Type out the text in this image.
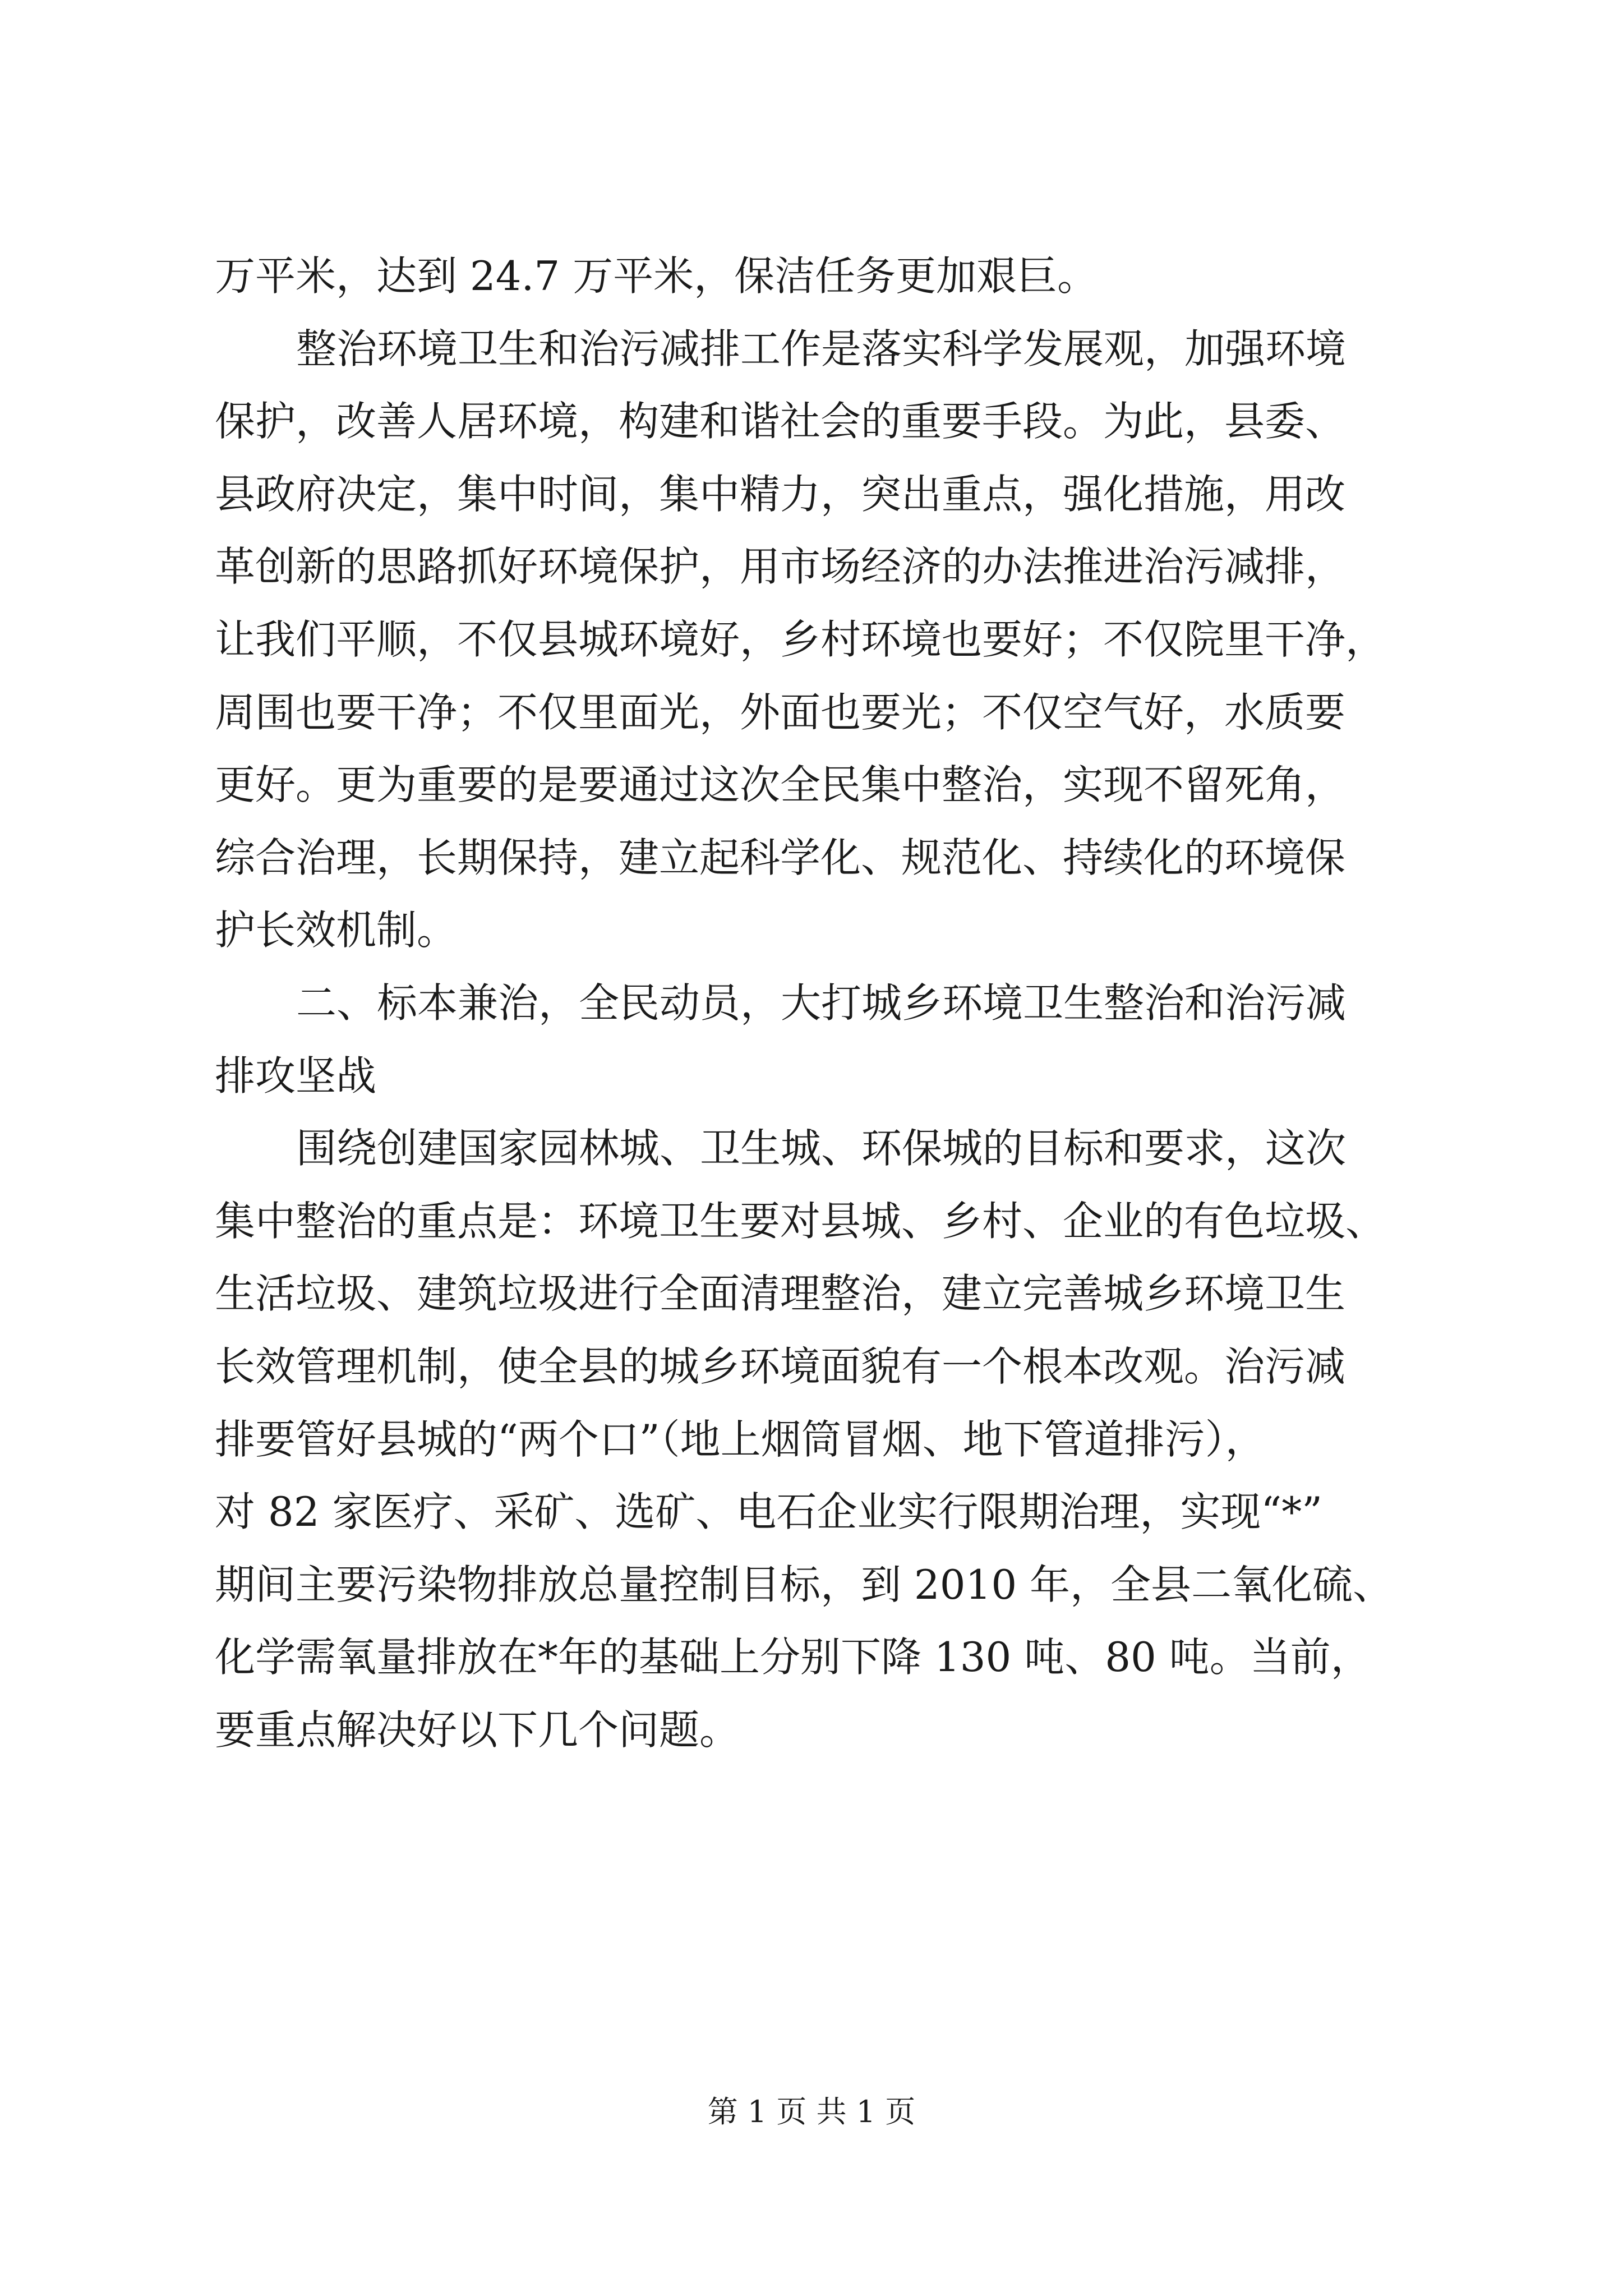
万平米，达到 24.7 万平米，保洁任务更加艰巨。
整治环境卫生和治污减排工作是落实科学发展观，加强环境
保护，改善人居环境，构建和谐社会的重要手段。为此，县委、
县政府决定，集中时间，集中精力，突出重点，强化措施，用改
革创新的思路抓好环境保护，用市场经济的办法推进治污减排，
让我们平顺，不仅县城环境好，乡村环境也要好；不仅院里干净，
周围也要干净；不仅里面光，外面也要光；不仅空气好，水质要
更好。更为重要的是要通过这次全民集中整治，实现不留死角，
综合治理，长期保持，建立起科学化、规范化、持续化的环境保
护长效机制。
二、标本兼治，全民动员，大打城乡环境卫生整治和治污减
排攻坚战
围绕创建国家园林城、卫生城、环保城的目标和要求，这次
集中整治的重点是：环境卫生要对县城、乡村、企业的有色垃圾、
生活垃圾、建筑垃圾进行全面清理整治，建立完善城乡环境卫生
长效管理机制，使全县的城乡环境面貌有一个根本改观。治污减
排要管好县城的“两个口”（地上烟筒冒烟、地下管道排污），
对 82 家医疗、采矿、选矿、电石企业实行限期治理，实现“*”
期间主要污染物排放总量控制目标，到 2010 年，全县二氧化硫、
化学需氧量排放在*年的基础上分别下降 130 吨、80 吨。当前，
要重点解决好以下几个问题。
第 1 页 共 1 页
